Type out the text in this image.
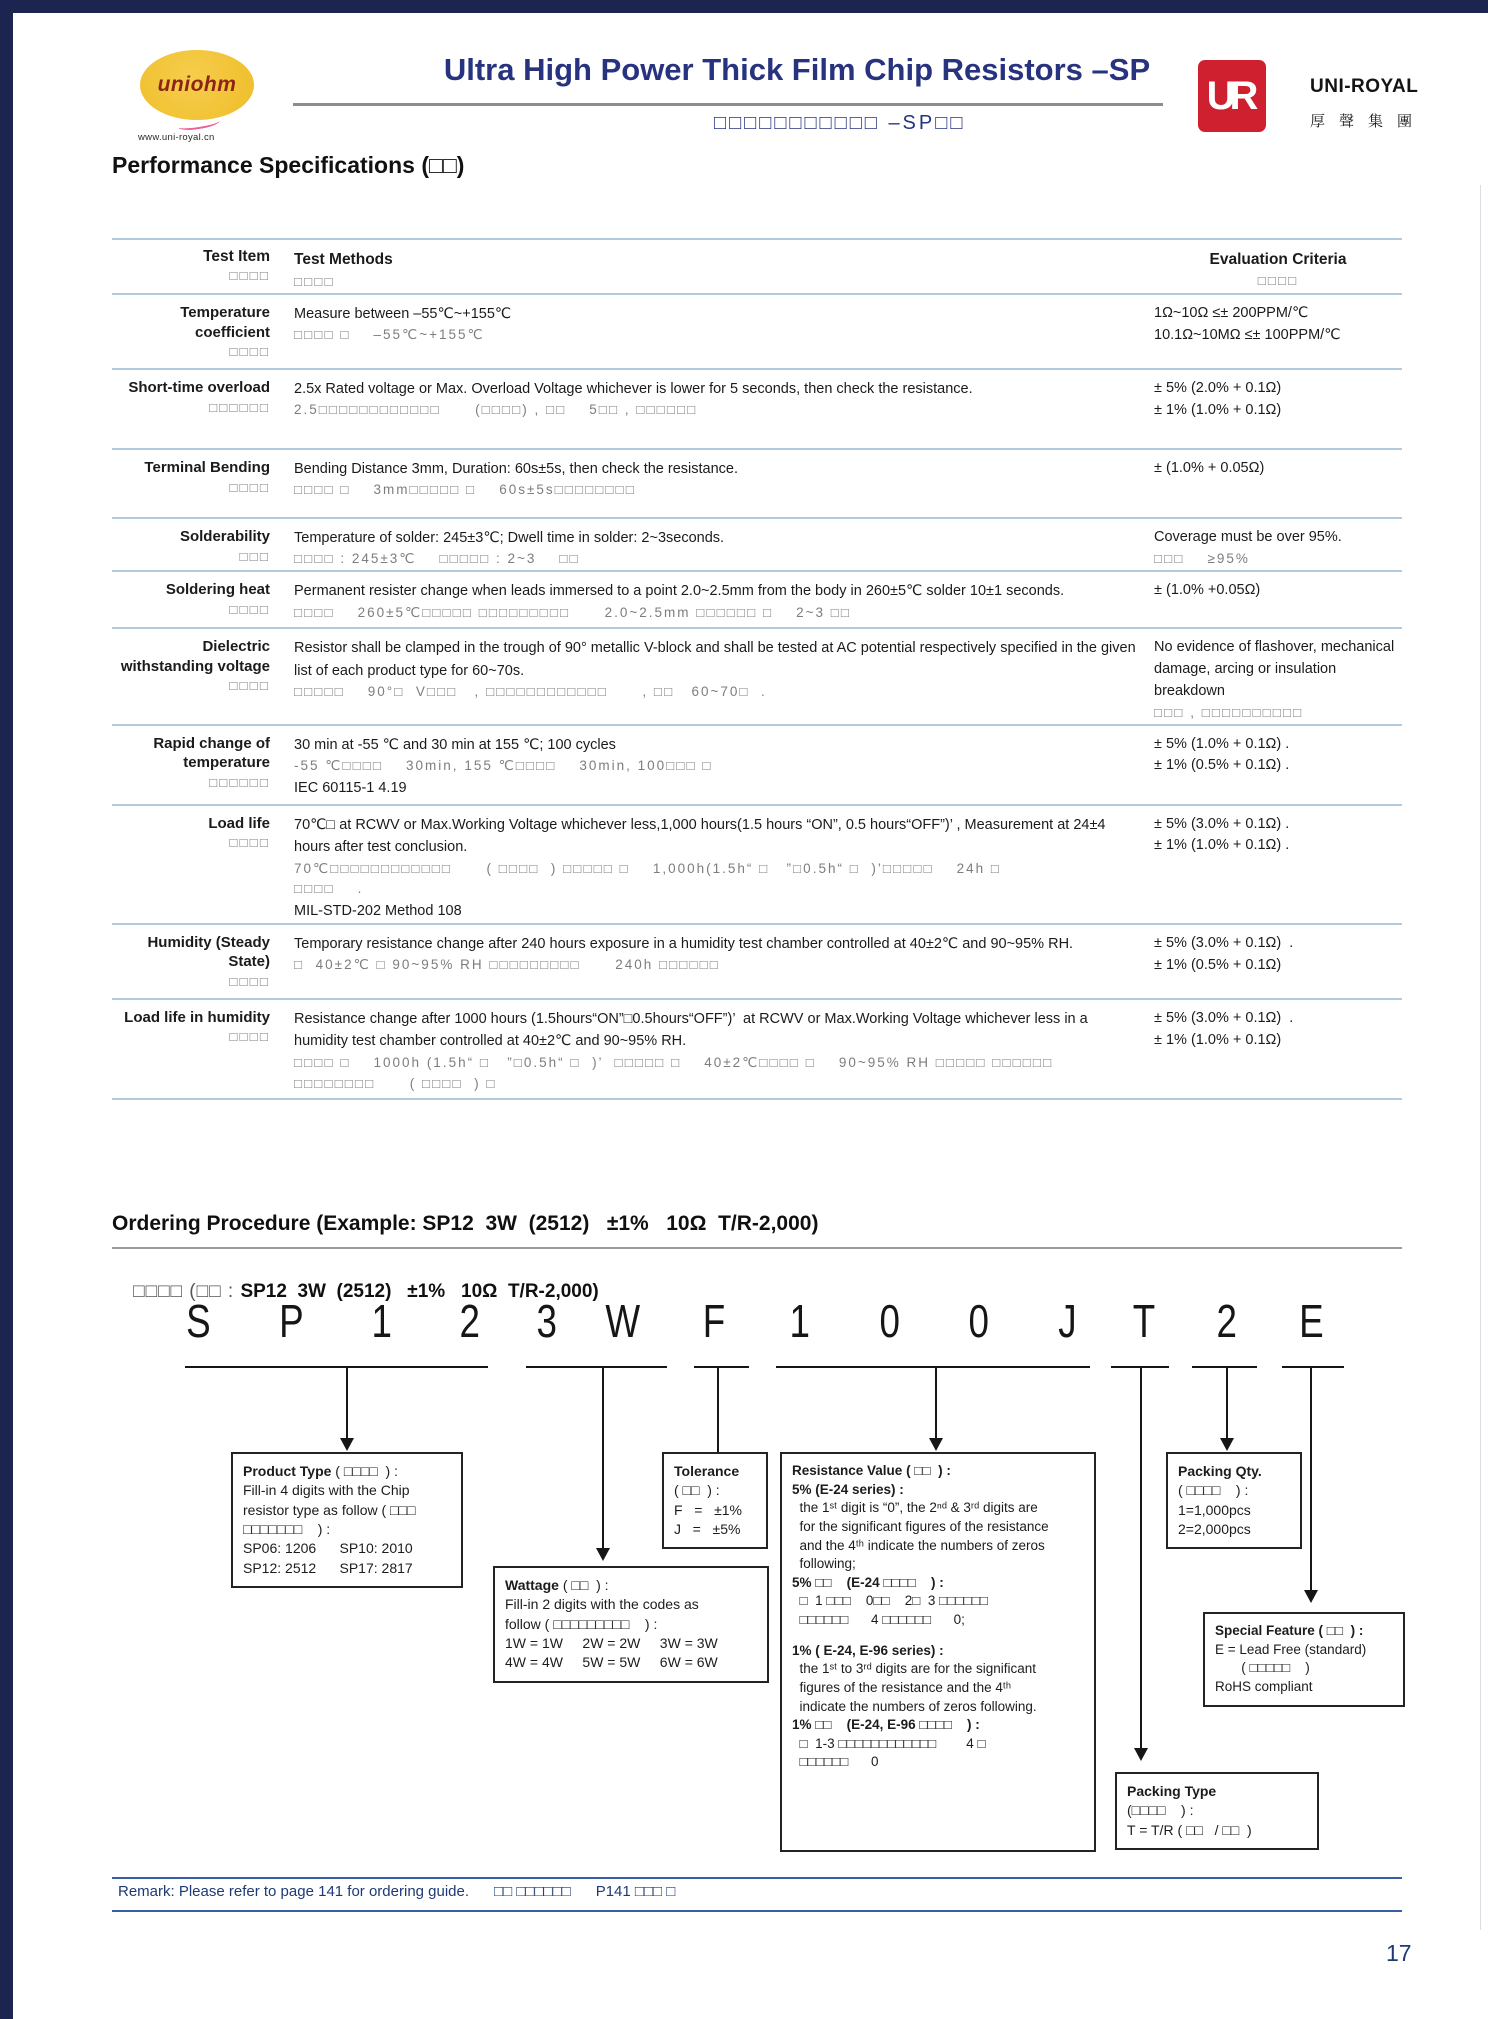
uniohm
www.uni-royal.cn
Ultra High Power Thick Film Chip Resistors –SP
□□□□□□□□□□□ –SP□□
UR	UNI-ROYAL
厚聲集團
Performance Specifications (□□)
Test Item
□□□□
Test Methods
□□□□
Evaluation Criteria
□□□□
Temperature coefficient
□□□□
Measure between –55℃~+155℃
□□□□ □    –55℃~+155℃
1Ω~10Ω ≤± 200PPM/℃
10.1Ω~10MΩ ≤± 100PPM/℃
Short-time overload
□□□□□□
2.5x Rated voltage or Max. Overload Voltage whichever is lower for 5 seconds, then check the resistance.
2.5□□□□□□□□□□□□      (□□□□) , □□    5□□ , □□□□□□
± 5% (2.0% + 0.1Ω)
± 1% (1.0% + 0.1Ω)
Terminal Bending
□□□□
Bending Distance 3mm, Duration: 60s±5s, then check the resistance.
□□□□ □    3mm□□□□□ □    60s±5s□□□□□□□□
± (1.0% + 0.05Ω)
Solderability
□□□
Temperature of solder: 245±3℃; Dwell time in solder: 2~3seconds.
□□□□ : 245±3℃    □□□□□ : 2~3    □□
Coverage must be over 95%.
□□□    ≥95%
Soldering heat
□□□□
Permanent resister change when leads immersed to a point 2.0~2.5mm from the body in 260±5℃ solder 10±1 seconds.
□□□□    260±5℃□□□□□ □□□□□□□□□      2.0~2.5mm □□□□□□ □    2~3 □□
± (1.0% +0.05Ω)
Dielectric withstanding voltage
□□□□
Resistor shall be clamped in the trough of 90° metallic V-block and shall be tested at AC potential respectively specified in the given list of each product type for 60~70s.
□□□□□    90°□  V□□□   , □□□□□□□□□□□□      , □□   60~70□  .
No evidence of flashover, mechanical damage, arcing or insulation breakdown
□□□ , □□□□□□□□□□
Rapid change of temperature
□□□□□□
30 min at -55 ℃ and 30 min at 155 ℃; 100 cycles
-55 ℃□□□□    30min, 155 ℃□□□□    30min, 100□□□ □
IEC 60115-1 4.19
± 5% (1.0% + 0.1Ω) .
± 1% (0.5% + 0.1Ω) .
Load life
□□□□
70℃□ at RCWV or Max.Working Voltage whichever less,1,000 hours(1.5 hours “ON”, 0.5 hours“OFF”)’ , Measurement at 24±4 hours after test conclusion.
70℃□□□□□□□□□□□□      ( □□□□  ) □□□□□ □    1,000h(1.5h“ □   ”□0.5h“ □  )’□□□□□    24h □
□□□□    .
MIL-STD-202 Method 108
± 5% (3.0% + 0.1Ω) .
± 1% (1.0% + 0.1Ω) .
Humidity (Steady State)
□□□□
Temporary resistance change after 240 hours exposure in a humidity test chamber controlled at 40±2℃ and 90~95% RH.
□  40±2℃ □ 90~95% RH □□□□□□□□□      240h □□□□□□
± 5% (3.0% + 0.1Ω)  .
± 1% (0.5% + 0.1Ω)
Load life in humidity
□□□□
Resistance change after 1000 hours (1.5hours“ON”□0.5hours“OFF”)’  at RCWV or Max.Working Voltage whichever less in a humidity test chamber controlled at 40±2℃ and 90~95% RH.
□□□□ □    1000h (1.5h“ □   ”□0.5h“ □  )’  □□□□□ □    40±2℃□□□□ □    90~95% RH □□□□□ □□□□□□
□□□□□□□□      ( □□□□  ) □
± 5% (3.0% + 0.1Ω)  .
± 1% (1.0% + 0.1Ω)
Ordering Procedure (Example: SP12  3W  (2512)   ±1%   10Ω  T/R-2,000)

□□□□ (□□ : SP12  3W  (2512)   ±1%   10Ω  T/R-2,000)

S P 1 2 3 W F 1 0 0 J T 2 E
Product Type ( □□□□  ) :
Fill-in 4 digits with the Chip
resistor type as follow ( □□□
□□□□□□□    ) :
SP06: 1206      SP10: 2010
SP12: 2512      SP17: 2817
Wattage ( □□  ) :
Fill-in 2 digits with the codes as
follow ( □□□□□□□□□    ) :
1W = 1W     2W = 2W     3W = 3W
4W = 4W     5W = 5W     6W = 6W
Tolerance
( □□  ) :
F   =   ±1%
J   =   ±5%
Resistance Value ( □□  ) :
5% (E-24 series) :
the 1ˢᵗ digit is “0”, the 2ⁿᵈ & 3ʳᵈ digits are
for the significant figures of the resistance
and the 4ᵗʰ indicate the numbers of zeros
following;
5% □□    (E-24 □□□□    ) :
□  1 □□□    0□□    2□  3 □□□□□□
□□□□□□      4 □□□□□□      0;
1% ( E-24, E-96 series) :
the 1ˢᵗ to 3ʳᵈ digits are for the significant
figures of the resistance and the 4ᵗʰ
indicate the numbers of zeros following.
1% □□    (E-24, E-96 □□□□    ) :
□  1-3 □□□□□□□□□□□□        4 □
□□□□□□      0
Packing Qty.
( □□□□    ) :
1=1,000pcs
2=2,000pcs
Special Feature ( □□  ) :
E = Lead Free (standard)
( □□□□□    )
RoHS compliant
Packing Type
(□□□□    ) :
T = T/R ( □□   / □□  )
Remark: Please refer to page 141 for ordering guide.      □□ □□□□□□      P141 □□□ □
17
